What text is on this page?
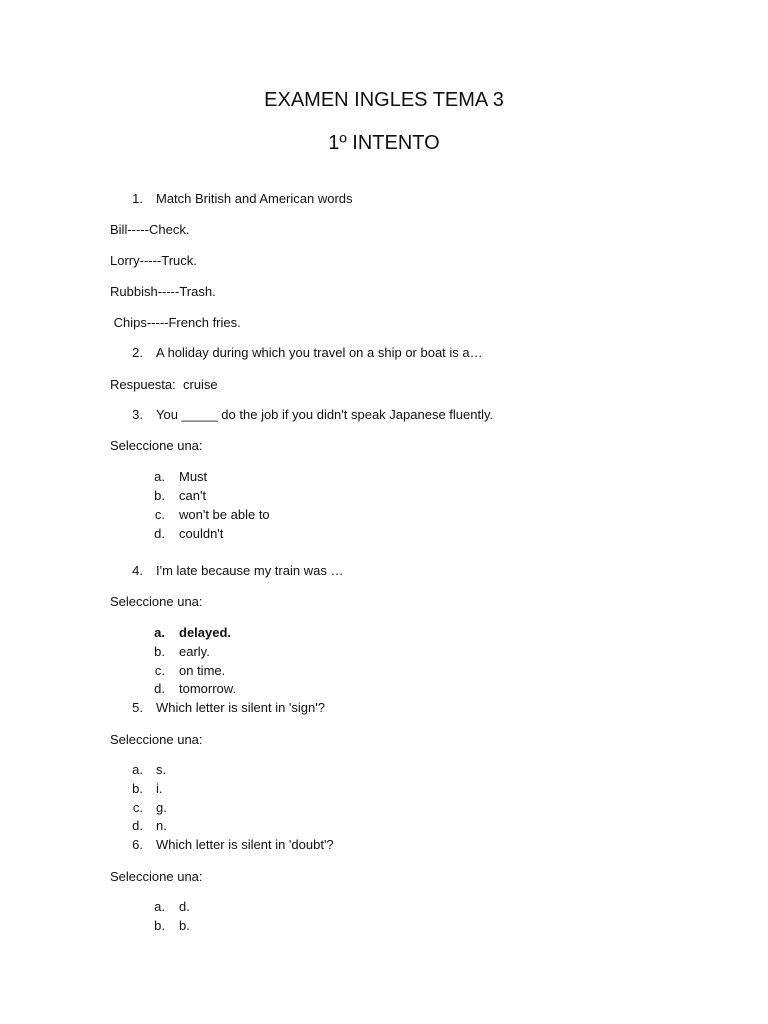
EXAMEN INGLES TEMA 3
1º INTENTO
1. Match British and American words
Bill-----Check.
Lorry-----Truck.
Rubbish-----Trash.
Chips-----French fries.
2. A holiday during which you travel on a ship or boat is a…
Respuesta:  cruise
3. You _____ do the job if you didn't speak Japanese fluently.
Seleccione una:
a. Must
b. can't
c. won't be able to
d. couldn't
4. I'm late because my train was …
Seleccione una:
a. delayed.
b. early.
c. on time.
d. tomorrow.
5. Which letter is silent in 'sign'?
Seleccione una:
a. s.
b. i.
c. g.
d. n.
6. Which letter is silent in 'doubt'?
Seleccione una:
a. d.
b. b.
